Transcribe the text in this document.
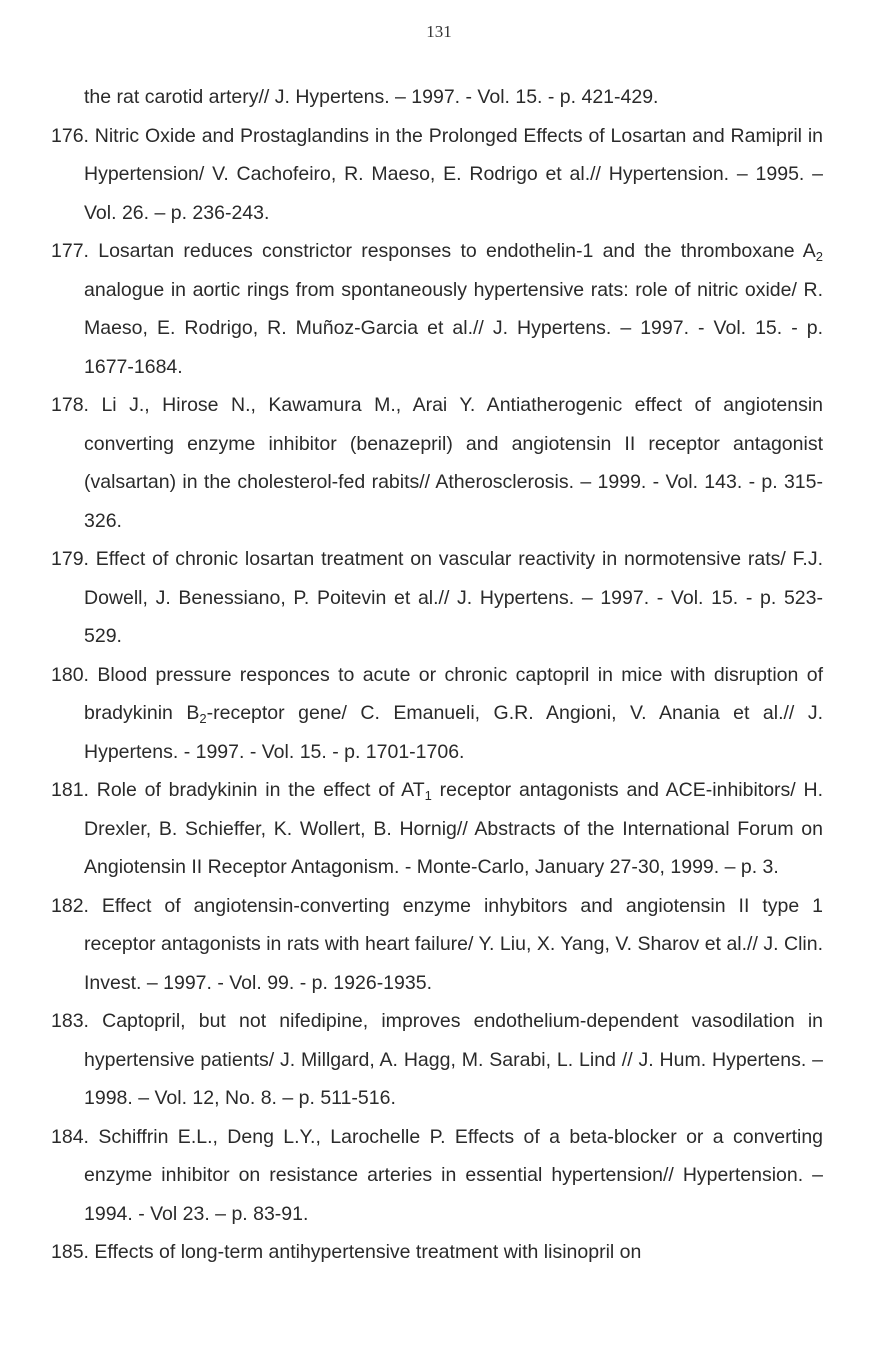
131
the rat carotid artery// J. Hypertens. – 1997. - Vol. 15. - p. 421-429.
176. Nitric Oxide and Prostaglandins in the Prolonged Effects of Losartan and Ramipril in Hypertension/ V. Cachofeiro, R. Maeso, E. Rodrigo et al.// Hypertension. – 1995. – Vol. 26. – p. 236-243.
177. Losartan reduces constrictor responses to endothelin-1 and the thromboxane $A_2$ analogue in aortic rings from spontaneously hypertensive rats: role of nitric oxide/ R. Maeso, E. Rodrigo, R. Muñoz-Garcia et al.// J. Hypertens. – 1997. - Vol. 15. - p. 1677-1684.
178. Li J., Hirose N., Kawamura M., Arai Y. Antiatherogenic effect of angiotensin converting enzyme inhibitor (benazepril) and angiotensin II receptor antagonist (valsartan) in the cholesterol-fed rabits// Atherosclerosis. – 1999. - Vol. 143. - p. 315-326.
179. Effect of chronic losartan treatment on vascular reactivity in normotensive rats/ F.J. Dowell, J. Benessiano, P. Poitevin et al.// J. Hypertens. – 1997. - Vol. 15. - p. 523-529.
180. Blood pressure responces to acute or chronic captopril in mice with disruption of bradykinin $B_2$-receptor gene/ C. Emanueli, G.R. Angioni, V. Anania et al.// J. Hypertens. - 1997. - Vol. 15. - p. 1701-1706.
181. Role of bradykinin in the effect of $AT_1$ receptor antagonists and ACE-inhibitors/ H. Drexler, B. Schieffer, K. Wollert, B. Hornig// Abstracts of the International Forum on Angiotensin II Receptor Antagonism. - Monte-Carlo, January 27-30, 1999. – p. 3.
182. Effect of angiotensin-converting enzyme inhybitors and angiotensin II type 1 receptor antagonists in rats with heart failure/ Y. Liu, X. Yang, V. Sharov et al.// J. Clin. Invest. – 1997. - Vol. 99. - p. 1926-1935.
183. Captopril, but not nifedipine, improves endothelium-dependent vasodilation in hypertensive patients/ J. Millgard, A. Hagg, M. Sarabi, L. Lind // J. Hum. Hypertens. – 1998. – Vol. 12, No. 8. – p. 511-516.
184. Schiffrin E.L., Deng L.Y., Larochelle P. Effects of a beta-blocker or a converting enzyme inhibitor on resistance arteries in essential hypertension// Hypertension. – 1994. - Vol 23. – p. 83-91.
185. Effects of long-term antihypertensive treatment with lisinopril on
